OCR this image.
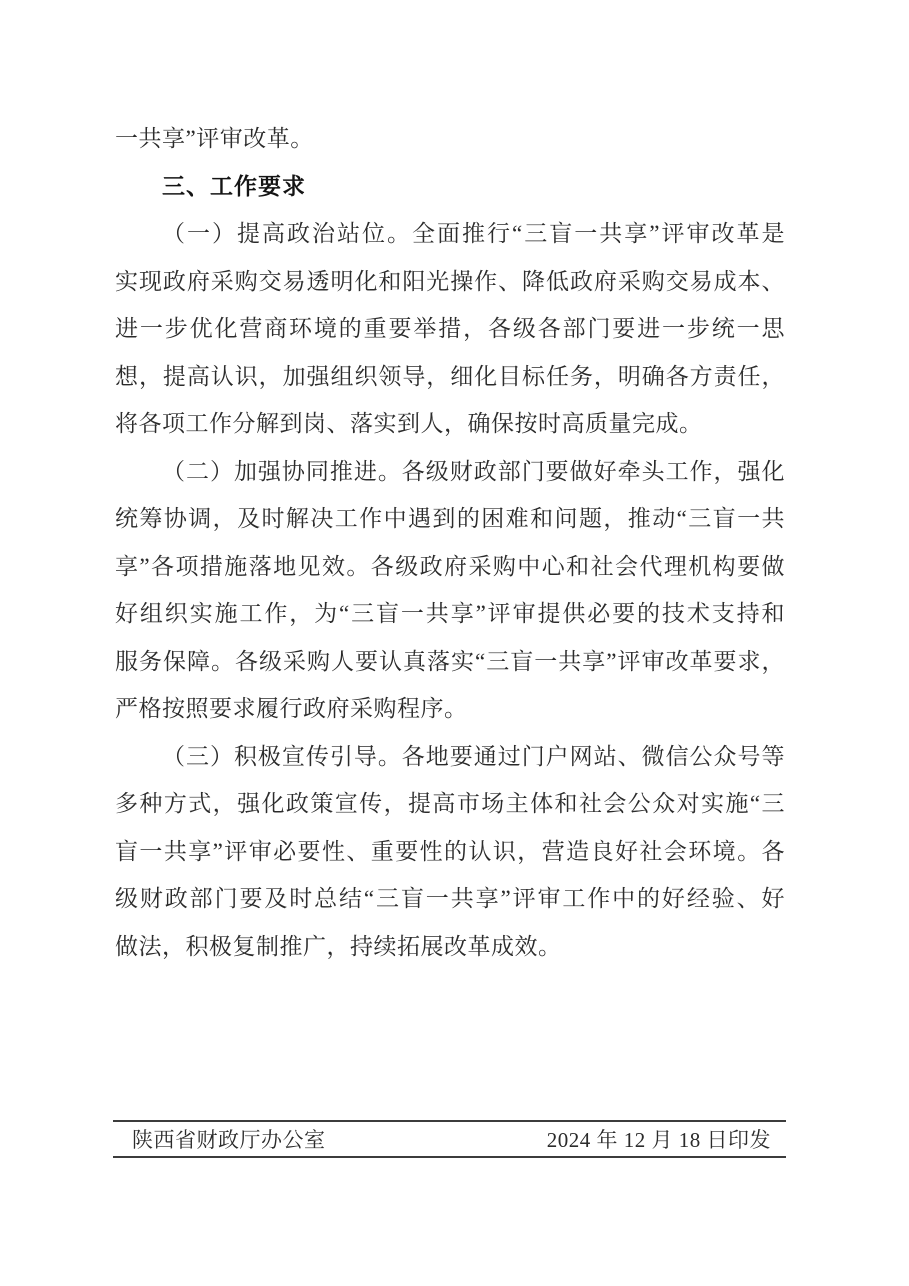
一共享”评审改革。
三、工作要求
（一）提高政治站位。全面推行“三盲一共享”评审改革是
实现政府采购交易透明化和阳光操作、降低政府采购交易成本、
进一步优化营商环境的重要举措，各级各部门要进一步统一思
想，提高认识，加强组织领导，细化目标任务，明确各方责任，
将各项工作分解到岗、落实到人，确保按时高质量完成。
（二）加强协同推进。各级财政部门要做好牵头工作，强化
统筹协调，及时解决工作中遇到的困难和问题，推动“三盲一共
享”各项措施落地见效。各级政府采购中心和社会代理机构要做
好组织实施工作，为“三盲一共享”评审提供必要的技术支持和
服务保障。各级采购人要认真落实“三盲一共享”评审改革要求，
严格按照要求履行政府采购程序。
（三）积极宣传引导。各地要通过门户网站、微信公众号等
多种方式，强化政策宣传，提高市场主体和社会公众对实施“三
盲一共享”评审必要性、重要性的认识，营造良好社会环境。各
级财政部门要及时总结“三盲一共享”评审工作中的好经验、好
做法，积极复制推广，持续拓展改革成效。
陕西省财政厅办公室	2024 年 12 月 18 日印发
